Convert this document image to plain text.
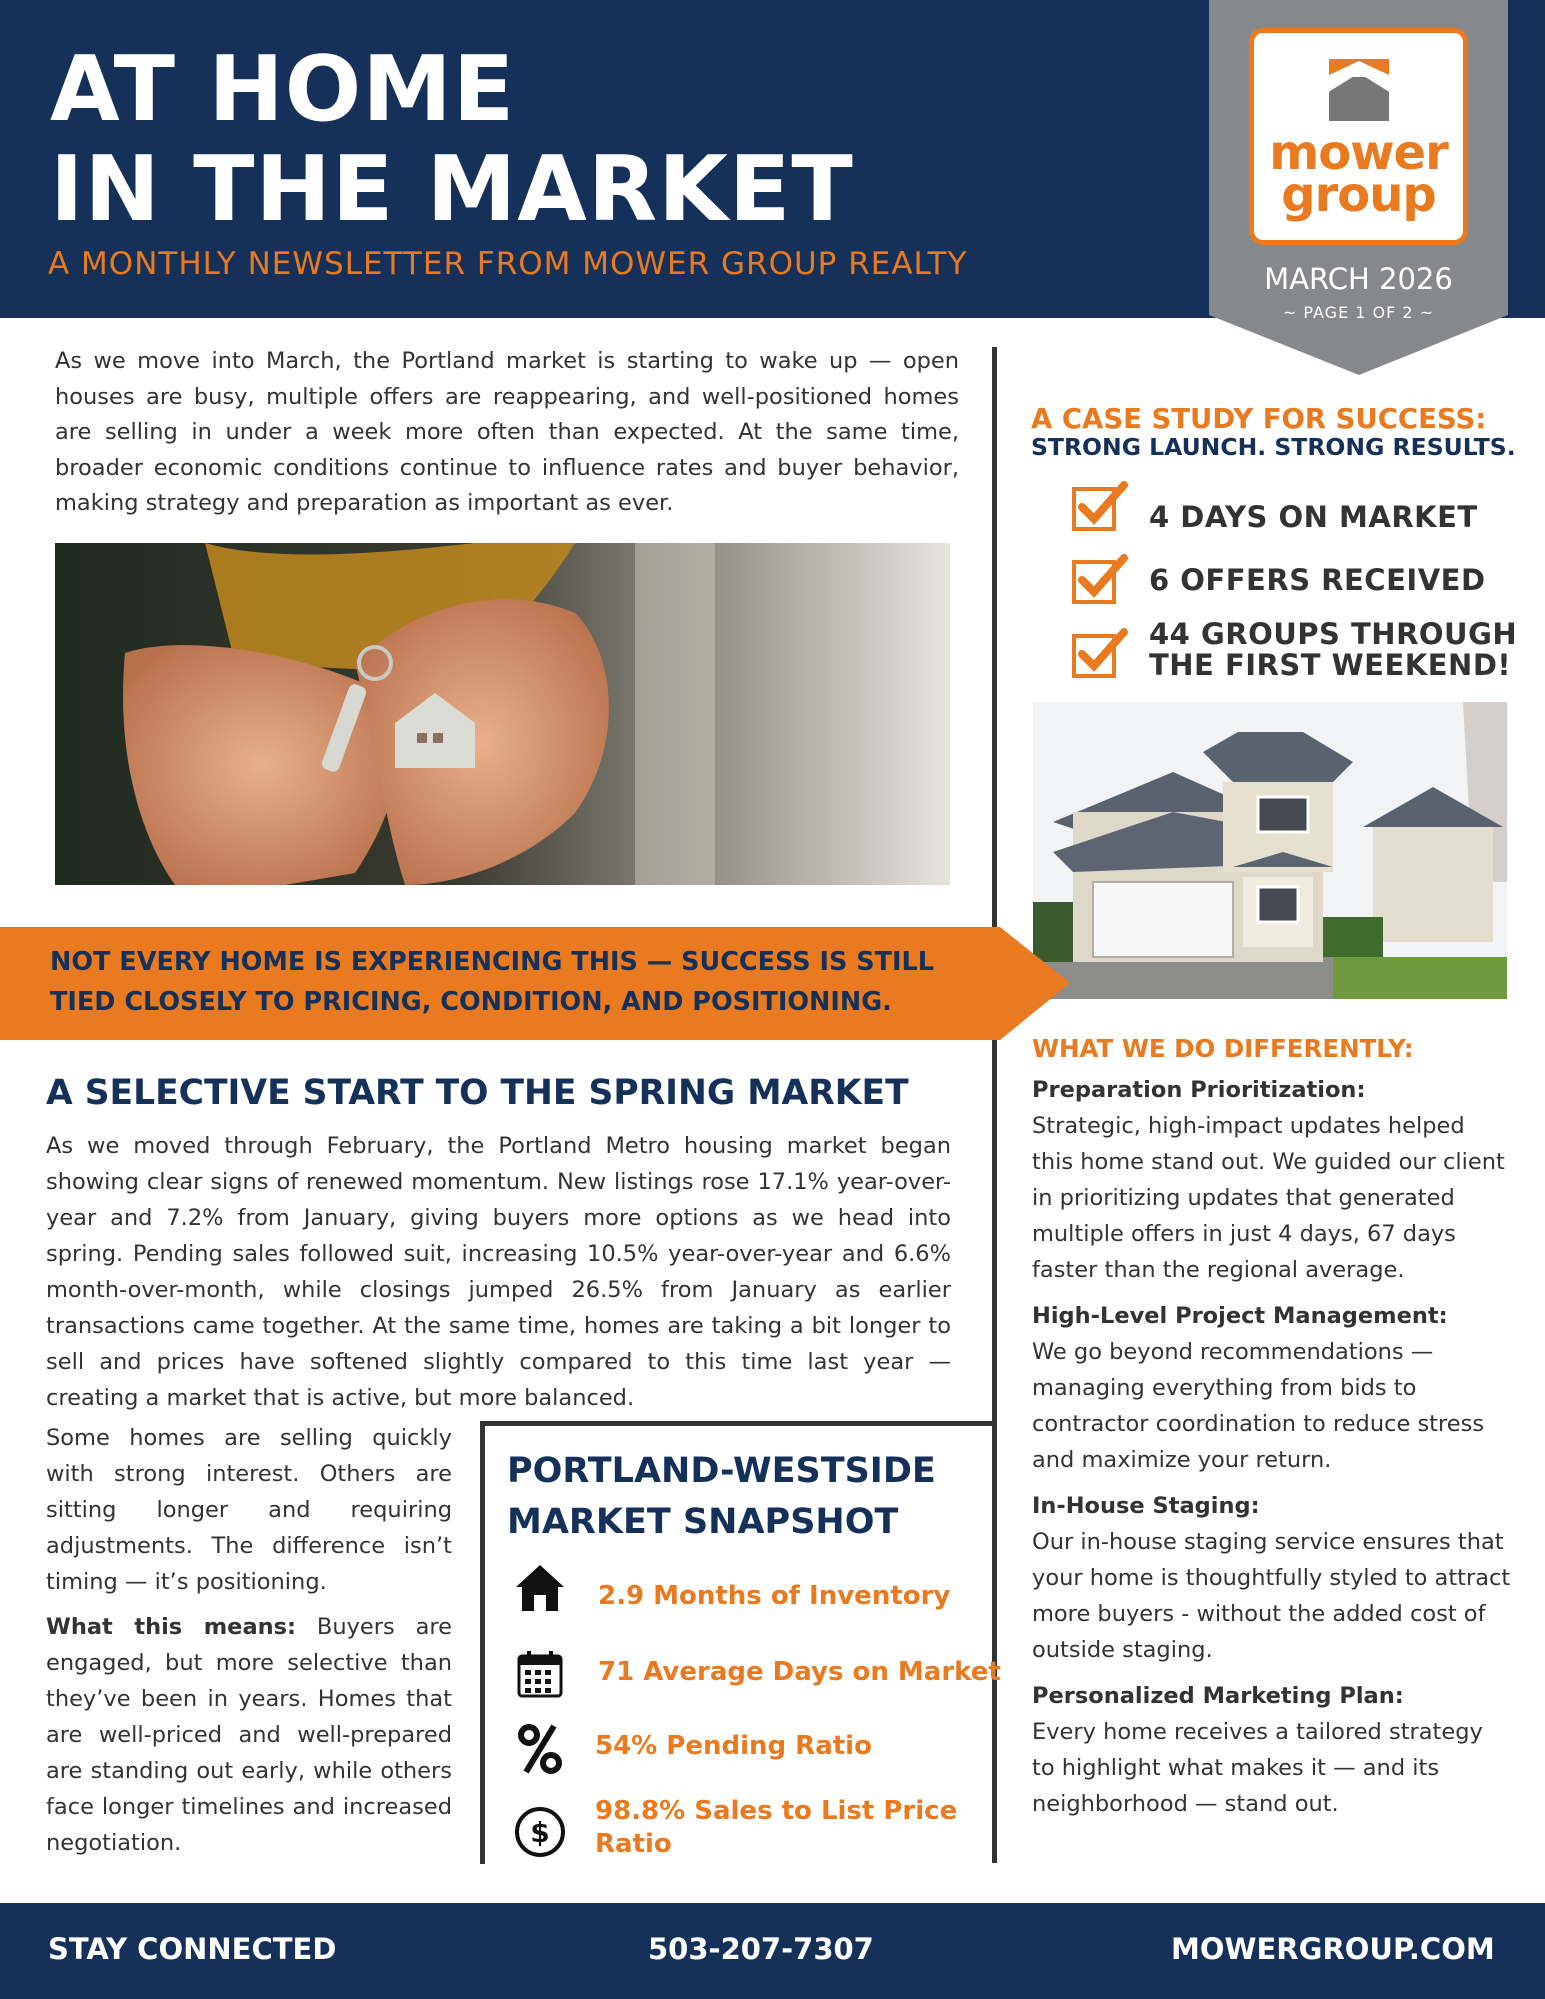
AT HOME
IN THE MARKET
A MONTHLY NEWSLETTER FROM MOWER GROUP REALTY
mower
group
MARCH 2026
~ PAGE 1 OF 2 ~
As we move into March, the Portland market is starting to wake up — open houses are busy, multiple offers are reappearing, and well-positioned homes are selling in under a week more often than expected. At the same time, broader economic conditions continue to influence rates and buyer behavior, making strategy and preparation as important as ever.
A CASE STUDY FOR SUCCESS:
STRONG LAUNCH. STRONG RESULTS.
4 DAYS ON MARKET
6 OFFERS RECEIVED
44 GROUPS THROUGH
THE FIRST WEEKEND!
NOT EVERY HOME IS EXPERIENCING THIS — SUCCESS IS STILL TIED CLOSELY TO PRICING, CONDITION, AND POSITIONING.
A SELECTIVE START TO THE SPRING MARKET
As we moved through February, the Portland Metro housing market began showing clear signs of renewed momentum. New listings rose 17.1% year-over-year and 7.2% from January, giving buyers more options as we head into spring. Pending sales followed suit, increasing 10.5% year-over-year and 6.6% month-over-month, while closings jumped 26.5% from January as earlier transactions came together. At the same time, homes are taking a bit longer to sell and prices have softened slightly compared to this time last year — creating a market that is active, but more balanced.

Some homes are selling quickly with strong interest. Others are sitting longer and requiring adjustments. The difference isn’t timing — it’s positioning.

What this means: Buyers are engaged, but more selective than they’ve been in years. Homes that are well-priced and well-prepared are standing out early, while others face longer timelines and increased negotiation.

PORTLAND-WESTSIDE
MARKET SNAPSHOT
2.9 Months of Inventory
71 Average Days on Market
54% Pending Ratio
$
98.8% Sales to List Price
Ratio
WHAT WE DO DIFFERENTLY:
Preparation Prioritization:
Strategic, high-impact updates helped this home stand out. We guided our client in prioritizing updates that generated multiple offers in just 4 days, 67 days faster than the regional average.
High-Level Project Management:
We go beyond recommendations — managing everything from bids to contractor coordination to reduce stress and maximize your return.
In-House Staging:
Our in-house staging service ensures that your home is thoughtfully styled to attract more buyers - without the added cost of outside staging.
Personalized Marketing Plan:
Every home receives a tailored strategy to highlight what makes it — and its neighborhood — stand out.
STAY CONNECTED	503-207-7307	MOWERGROUP.COM
